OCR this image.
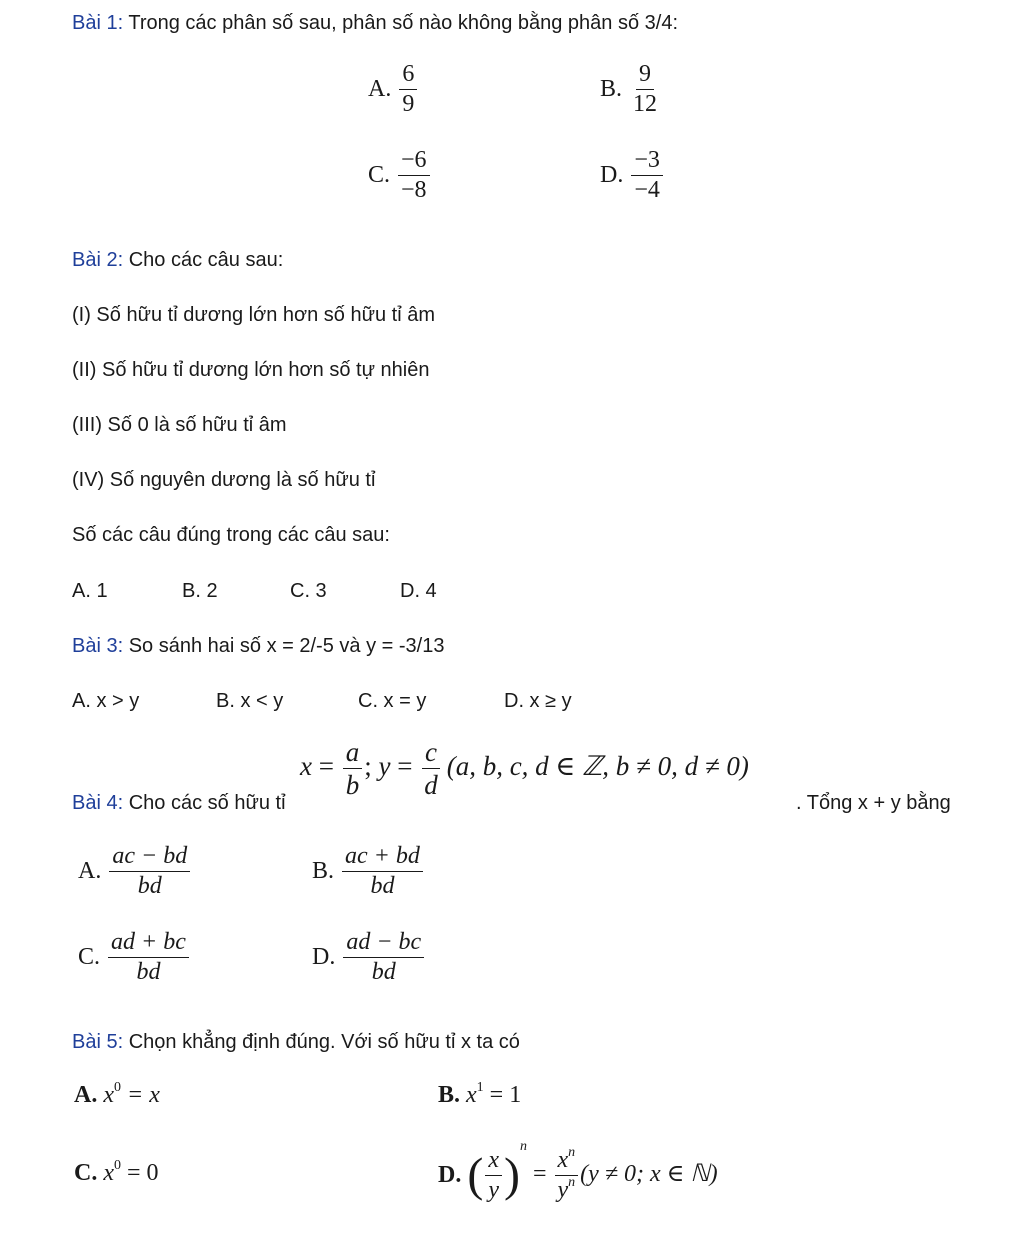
Bài 1: Trong các phân số sau, phân số nào không bằng phân số 3/4:
A. $\frac{6}{9}$	B. $\frac{9}{12}$
C. $\frac{-6}{-8}$	D. $\frac{-3}{-4}$
Bài 2: Cho các câu sau:
(I) Số hữu tỉ dương lớn hơn số hữu tỉ âm
(II) Số hữu tỉ dương lớn hơn số tự nhiên
(III) Số 0 là số hữu tỉ âm
(IV) Số nguyên dương là số hữu tỉ
Số các câu đúng trong các câu sau:
A. 1	B. 2	C. 3	D. 4
Bài 3: So sánh hai số x = 2/-5 và y = -3/13
A. x > y	B. x < y	C. x = y	D. x ≥ y
Bài 4: Cho các số hữu tỉ
$x = \frac{a}{b}$ ; $y = \frac{c}{d} (a$, b, c, d ∈ ℤ, b ≠ 0, d ≠ 0)
. Tổng x + y bằng
A. $\frac{ac - bd}{bd}$	B. $\frac{ac + bd}{bd}$
C. $\frac{ad + bc}{bd}$	D. $\frac{ad - bc}{bd}$
Bài 5: Chọn khẳng định đúng. Với số hữu tỉ x ta có
A. $x^0 = x$	B. $x^1 = 1$
C. $x^0 = 0$	D. ( $\frac{x}{y} )^n = \frac{x^n}{y^n} (y \ne 0$; x ∈ ℕ)
